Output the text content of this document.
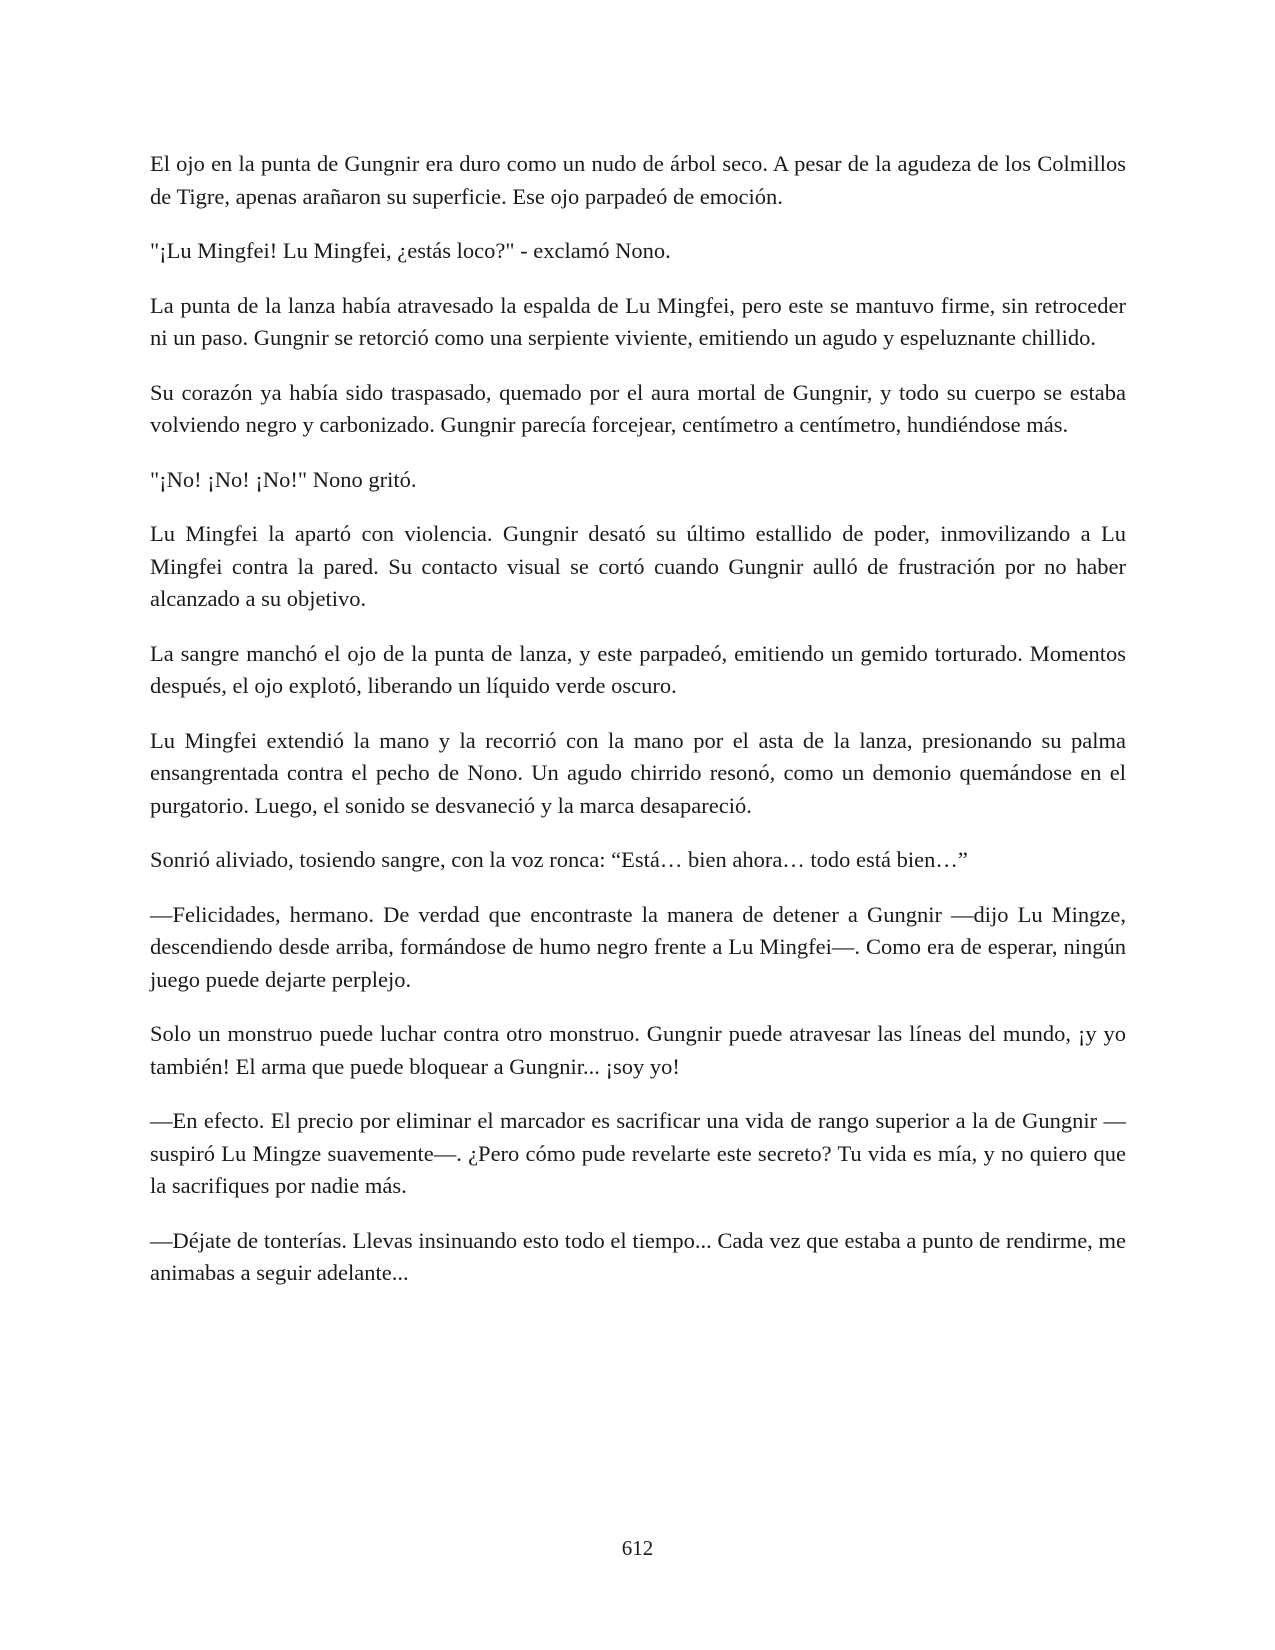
El ojo en la punta de Gungnir era duro como un nudo de árbol seco. A pesar de la agudeza de los Colmillos de Tigre, apenas arañaron su superficie. Ese ojo parpadeó de emoción.

"¡Lu Mingfei! Lu Mingfei, ¿estás loco?" - exclamó Nono.

La punta de la lanza había atravesado la espalda de Lu Mingfei, pero este se mantuvo firme, sin retroceder ni un paso. Gungnir se retorció como una serpiente viviente, emitiendo un agudo y espeluznante chillido.

Su corazón ya había sido traspasado, quemado por el aura mortal de Gungnir, y todo su cuerpo se estaba volviendo negro y carbonizado. Gungnir parecía forcejear, centímetro a centímetro, hundiéndose más.

"¡No! ¡No! ¡No!" Nono gritó.

Lu Mingfei la apartó con violencia. Gungnir desató su último estallido de poder, inmovilizando a Lu Mingfei contra la pared. Su contacto visual se cortó cuando Gungnir aulló de frustración por no haber alcanzado a su objetivo.

La sangre manchó el ojo de la punta de lanza, y este parpadeó, emitiendo un gemido torturado. Momentos después, el ojo explotó, liberando un líquido verde oscuro.

Lu Mingfei extendió la mano y la recorrió con la mano por el asta de la lanza, presionando su palma ensangrentada contra el pecho de Nono. Un agudo chirrido resonó, como un demonio quemándose en el purgatorio. Luego, el sonido se desvaneció y la marca desapareció.

Sonrió aliviado, tosiendo sangre, con la voz ronca: “Está… bien ahora… todo está bien…”

—Felicidades, hermano. De verdad que encontraste la manera de detener a Gungnir —dijo Lu Mingze, descendiendo desde arriba, formándose de humo negro frente a Lu Mingfei—. Como era de esperar, ningún juego puede dejarte perplejo.

Solo un monstruo puede luchar contra otro monstruo. Gungnir puede atravesar las líneas del mundo, ¡y yo también! El arma que puede bloquear a Gungnir... ¡soy yo!

—En efecto. El precio por eliminar el marcador es sacrificar una vida de rango superior a la de Gungnir —suspiró Lu Mingze suavemente—. ¿Pero cómo pude revelarte este secreto? Tu vida es mía, y no quiero que la sacrifiques por nadie más.

—Déjate de tonterías. Llevas insinuando esto todo el tiempo... Cada vez que estaba a punto de rendirme, me animabas a seguir adelante...

612
